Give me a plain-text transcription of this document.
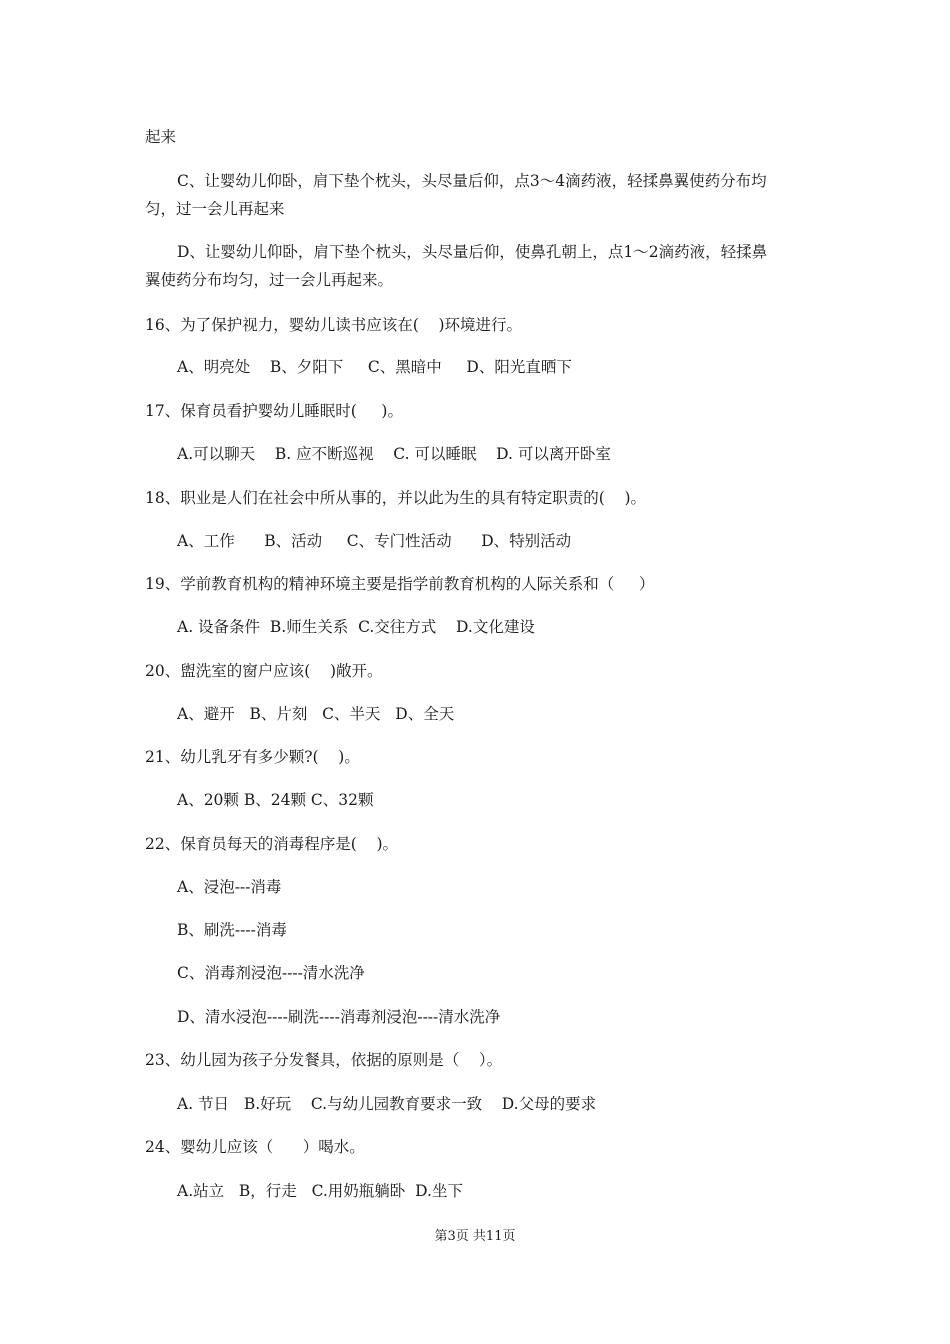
起来
C、让婴幼儿仰卧，肩下垫个枕头，头尽量后仰，点3～4滴药液，轻揉鼻翼使药分布均
匀，过一会儿再起来
D、让婴幼儿仰卧，肩下垫个枕头，头尽量后仰，使鼻孔朝上，点1～2滴药液，轻揉鼻
翼使药分布均匀，过一会儿再起来。
16、为了保护视力，婴幼儿读书应该在(    )环境进行。
A、明亮处    B、夕阳下     C、黑暗中     D、阳光直晒下
17、保育员看护婴幼儿睡眠时(     )。
A.可以聊天    B. 应不断巡视    C. 可以睡眠    D. 可以离开卧室
18、职业是人们在社会中所从事的，并以此为生的具有特定职责的(    )。
A、工作      B、活动     C、专门性活动      D、特别活动
19、学前教育机构的精神环境主要是指学前教育机构的人际关系和（     ）
A. 设备条件  B.师生关系  C.交往方式    D.文化建设
20、盥洗室的窗户应该(    )敞开。
A、避开   B、片刻   C、半天   D、全天
21、幼儿乳牙有多少颗?(    )。
A、20颗 B、24颗 C、32颗
22、保育员每天的消毒程序是(    )。
A、浸泡---消毒
B、刷洗----消毒
C、消毒剂浸泡----清水洗净
D、清水浸泡----刷洗----消毒剂浸泡----清水洗净
23、幼儿园为孩子分发餐具，依据的原则是（    ）。
A. 节日   B.好玩    C.与幼儿园教育要求一致    D.父母的要求
24、婴幼儿应该（      ）喝水。
A.站立   B，行走   C.用奶瓶躺卧  D.坐下
第3页 共11页
